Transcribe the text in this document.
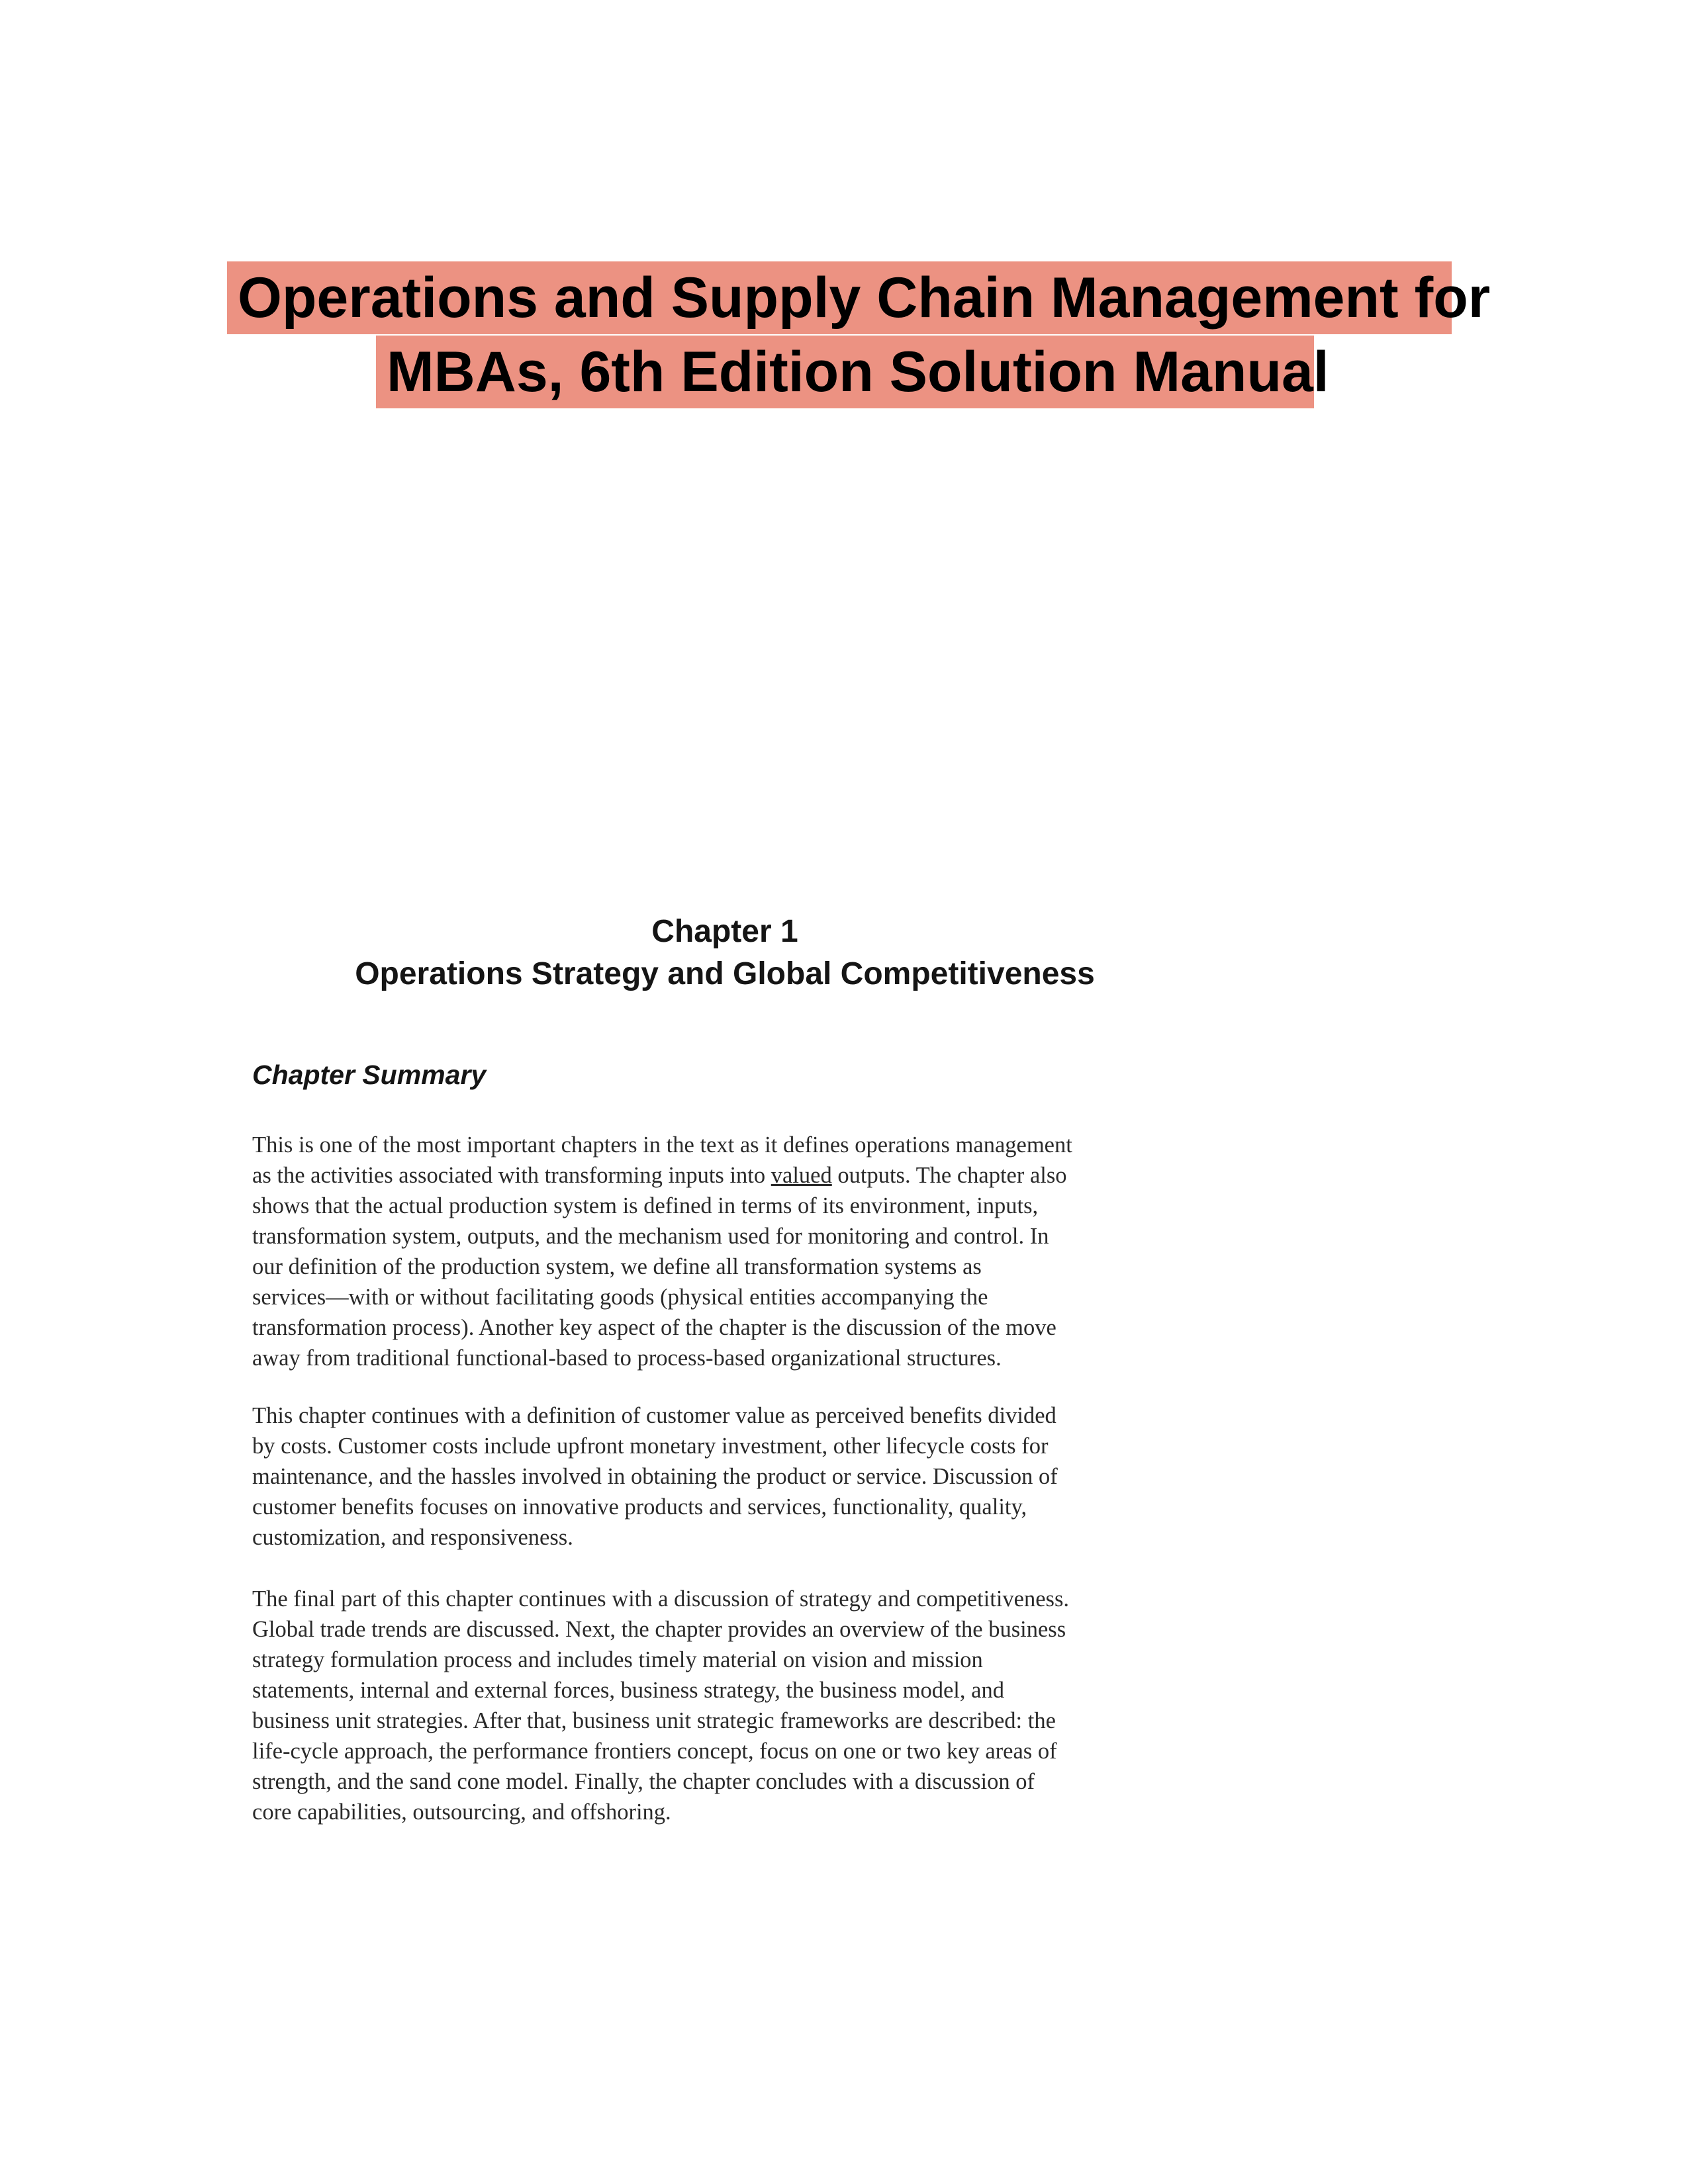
Operations and Supply Chain Management for
MBAs, 6th Edition Solution Manual
Chapter 1
Operations Strategy and Global Competitiveness
Chapter Summary
This is one of the most important chapters in the text as it defines operations management
as the activities associated with transforming inputs into valued outputs. The chapter also
shows that the actual production system is defined in terms of its environment, inputs,
transformation system, outputs, and the mechanism used for monitoring and control. In
our definition of the production system, we define all transformation systems as
services—with or without facilitating goods (physical entities accompanying the
transformation process). Another key aspect of the chapter is the discussion of the move
away from traditional functional-based to process-based organizational structures.
This chapter continues with a definition of customer value as perceived benefits divided
by costs. Customer costs include upfront monetary investment, other lifecycle costs for
maintenance, and the hassles involved in obtaining the product or service. Discussion of
customer benefits focuses on innovative products and services, functionality, quality,
customization, and responsiveness.
The final part of this chapter continues with a discussion of strategy and competitiveness.
Global trade trends are discussed. Next, the chapter provides an overview of the business
strategy formulation process and includes timely material on vision and mission
statements, internal and external forces, business strategy, the business model, and
business unit strategies. After that, business unit strategic frameworks are described: the
life-cycle approach, the performance frontiers concept, focus on one or two key areas of
strength, and the sand cone model. Finally, the chapter concludes with a discussion of
core capabilities, outsourcing, and offshoring.
